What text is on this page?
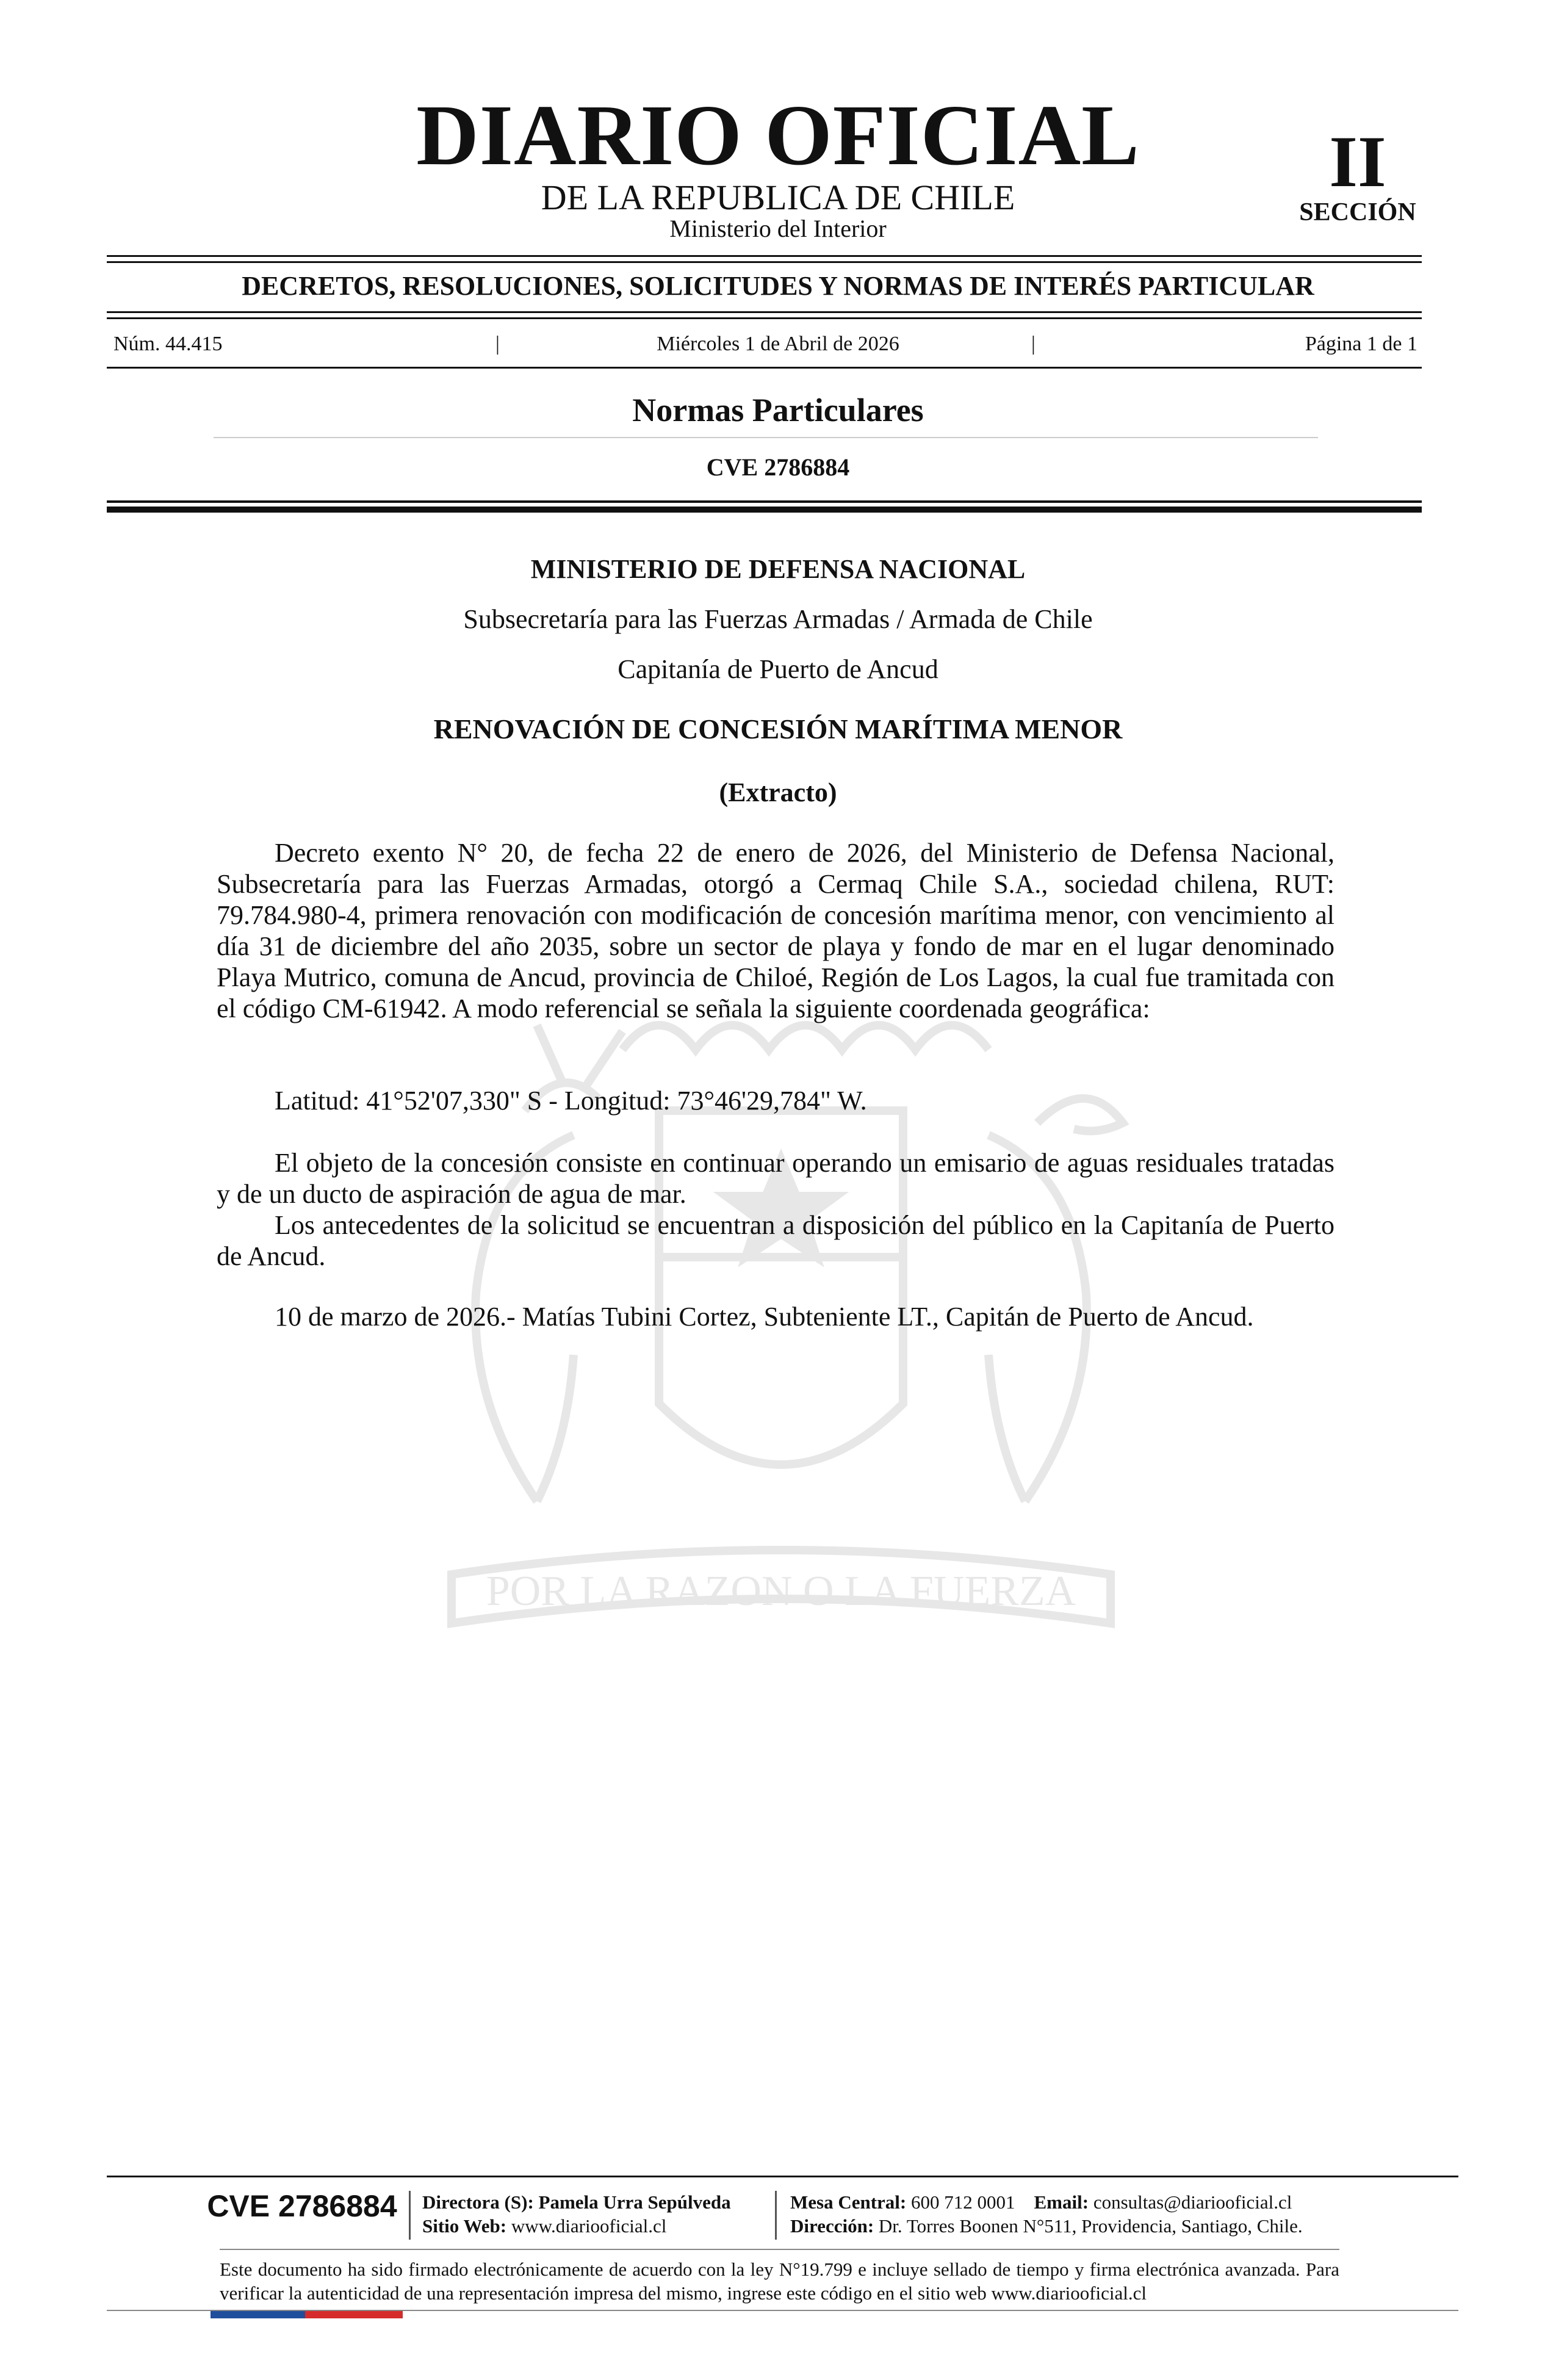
DIARIO OFICIAL
DE LA REPUBLICA DE CHILE
Ministerio del Interior
II
SECCIÓN
DECRETOS, RESOLUCIONES, SOLICITUDES Y NORMAS DE INTERÉS PARTICULAR
Núm. 44.415	|	Miércoles 1 de Abril de 2026	|	Página 1 de 1
Normas Particulares
CVE 2786884
POR LA RAZON O LA FUERZA
MINISTERIO DE DEFENSA NACIONAL
Subsecretaría para las Fuerzas Armadas / Armada de Chile
Capitanía de Puerto de Ancud
RENOVACIÓN DE CONCESIÓN MARÍTIMA MENOR
(Extracto)
Decreto exento N° 20, de fecha 22 de enero de 2026, del Ministerio de Defensa Nacional, Subsecretaría para las Fuerzas Armadas, otorgó a Cermaq Chile S.A., sociedad chilena, RUT: 79.784.980-4, primera renovación con modificación de concesión marítima menor, con vencimiento al día 31 de diciembre del año 2035, sobre un sector de playa y fondo de mar en el lugar denominado Playa Mutrico, comuna de Ancud, provincia de Chiloé, Región de Los Lagos, la cual fue tramitada con el código CM-61942. A modo referencial se señala la siguiente coordenada geográfica:
Latitud: 41°52'07,330" S - Longitud: 73°46'29,784" W.
El objeto de la concesión consiste en continuar operando un emisario de aguas residuales tratadas y de un ducto de aspiración de agua de mar.
Los antecedentes de la solicitud se encuentran a disposición del público en la Capitanía de Puerto de Ancud.
10 de marzo de 2026.- Matías Tubini Cortez, Subteniente LT., Capitán de Puerto de Ancud.
CVE 2786884	Directora (S): Pamela Urra Sepúlveda
Sitio Web: www.diariooficial.cl
Mesa Central: 600 712 0001 Email: consultas@diariooficial.cl
Dirección: Dr. Torres Boonen N°511, Providencia, Santiago, Chile.
Este documento ha sido firmado electrónicamente de acuerdo con la ley N°19.799 e incluye sellado de tiempo y firma electrónica avanzada. Para verificar la autenticidad de una representación impresa del mismo, ingrese este código en el sitio web www.diariooficial.cl
